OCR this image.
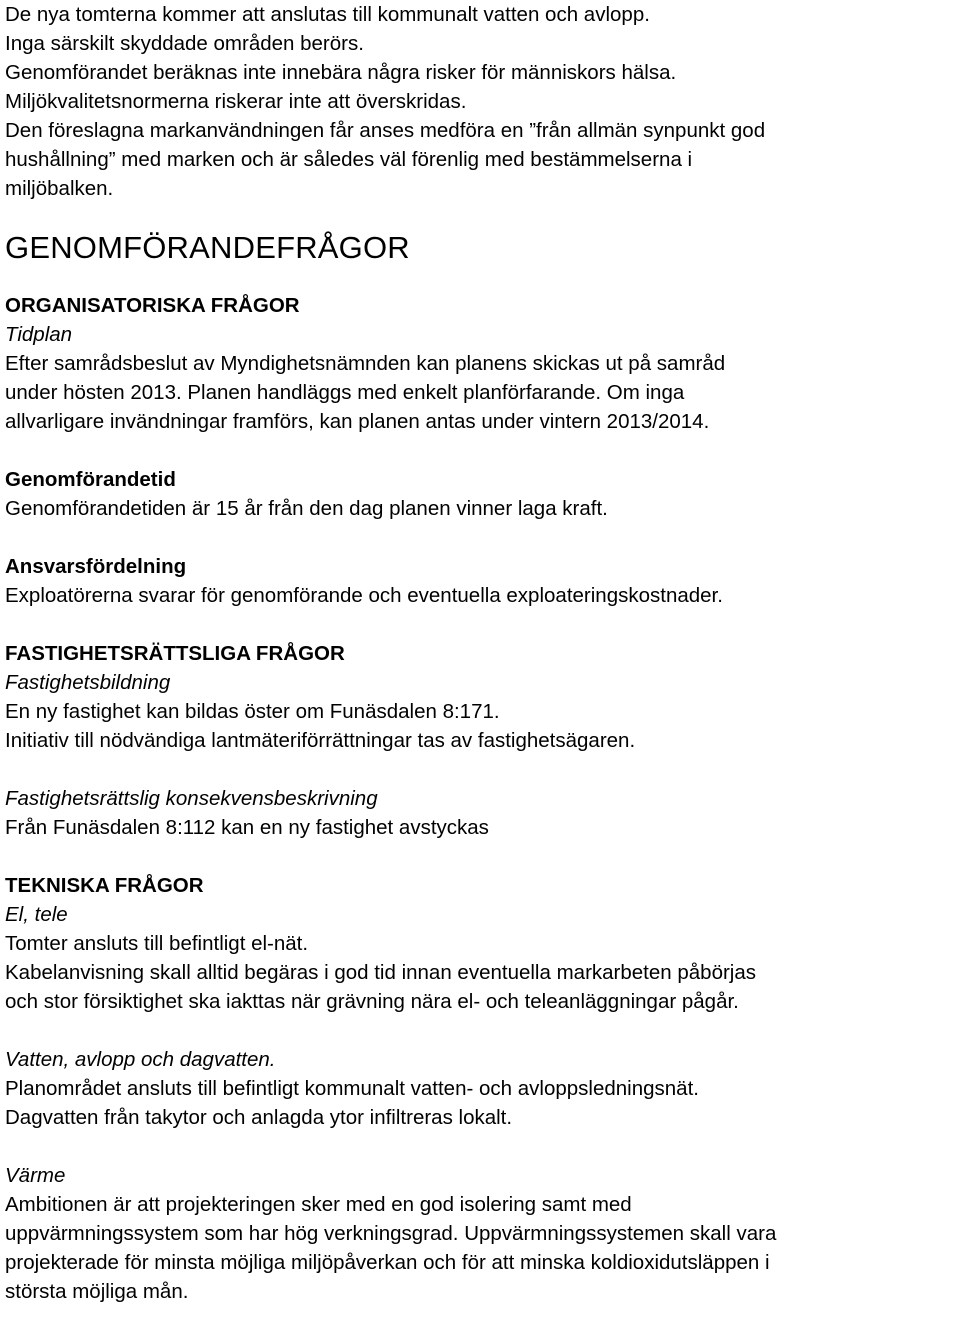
De nya tomterna kommer att anslutas till kommunalt vatten och avlopp.
Inga särskilt skyddade områden berörs.
Genomförandet beräknas inte innebära några risker för människors hälsa.
Miljökvalitetsnormerna riskerar inte att överskridas.
Den föreslagna markanvändningen får anses medföra en ”från allmän synpunkt god
hushållning” med marken och är således väl förenlig med bestämmelserna i
miljöbalken.
GENOMFÖRANDEFRÅGOR
ORGANISATORISKA FRÅGOR
Tidplan
Efter samrådsbeslut av Myndighetsnämnden kan planens skickas ut på samråd
under hösten 2013. Planen handläggs med enkelt planförfarande. Om inga
allvarligare invändningar framförs, kan planen antas under vintern 2013/2014.
Genomförandetid
Genomförandetiden är 15 år från den dag planen vinner laga kraft.
Ansvarsfördelning
Exploatörerna svarar för genomförande och eventuella exploateringskostnader.
FASTIGHETSRÄTTSLIGA FRÅGOR
Fastighetsbildning
En ny fastighet kan bildas öster om Funäsdalen 8:171.
Initiativ till nödvändiga lantmäteriförrättningar tas av fastighetsägaren.
Fastighetsrättslig konsekvensbeskrivning
Från Funäsdalen 8:112 kan en ny fastighet avstyckas
TEKNISKA FRÅGOR
El, tele
Tomter ansluts till befintligt el-nät.
Kabelanvisning skall alltid begäras i god tid innan eventuella markarbeten påbörjas
och stor försiktighet ska iakttas när grävning nära el- och teleanläggningar pågår.
Vatten, avlopp och dagvatten.
Planområdet ansluts till befintligt kommunalt vatten- och avloppsledningsnät.
Dagvatten från takytor och anlagda ytor infiltreras lokalt.
Värme
Ambitionen är att projekteringen sker med en god isolering samt med
uppvärmningssystem som har hög verkningsgrad. Uppvärmningssystemen skall vara
projekterade för minsta möjliga miljöpåverkan och för att minska koldioxidutsläppen i
största möjliga mån.
